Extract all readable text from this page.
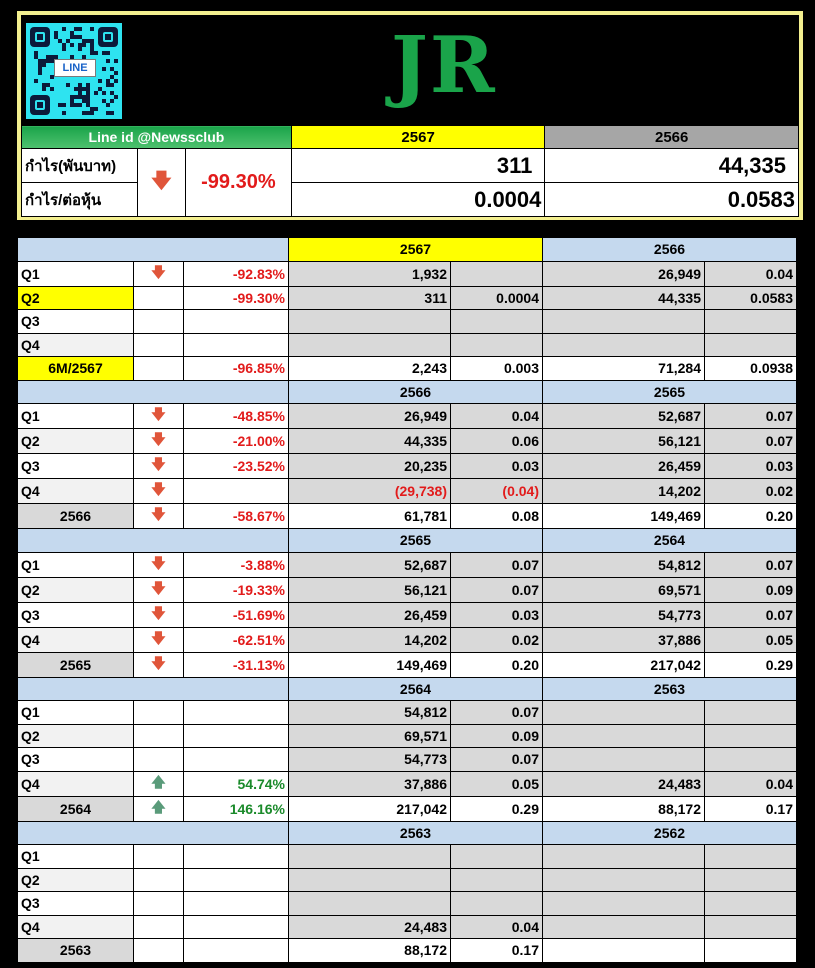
LINE	JR
Line id @Newssclub			2567	2566
กำไร(พันบาท)	🡇	-99.30%	311	44,335
กำไร/ต่อหุ้น			0.0004	0.0583
			2567		2566	
Q1	🡇	-92.83%	1,932		26,949	0.04
Q2		-99.30%	311	0.0004	44,335	0.0583
Q3						
Q4						
6M/2567		-96.85%	2,243	0.003	71,284	0.0938
			2566		2565	
Q1	🡇	-48.85%	26,949	0.04	52,687	0.07
Q2	🡇	-21.00%	44,335	0.06	56,121	0.07
Q3	🡇	-23.52%	20,235	0.03	26,459	0.03
Q4	🡇		(29,738)	(0.04)	14,202	0.02
2566	🡇	-58.67%	61,781	0.08	149,469	0.20
			2565		2564	
Q1	🡇	-3.88%	52,687	0.07	54,812	0.07
Q2	🡇	-19.33%	56,121	0.07	69,571	0.09
Q3	🡇	-51.69%	26,459	0.03	54,773	0.07
Q4	🡇	-62.51%	14,202	0.02	37,886	0.05
2565	🡇	-31.13%	149,469	0.20	217,042	0.29
			2564		2563	
Q1			54,812	0.07		
Q2			69,571	0.09		
Q3			54,773	0.07		
Q4	🡅	54.74%	37,886	0.05	24,483	0.04
2564	🡅	146.16%	217,042	0.29	88,172	0.17
			2563		2562	
Q1						
Q2						
Q3						
Q4			24,483	0.04		
2563			88,172	0.17		
